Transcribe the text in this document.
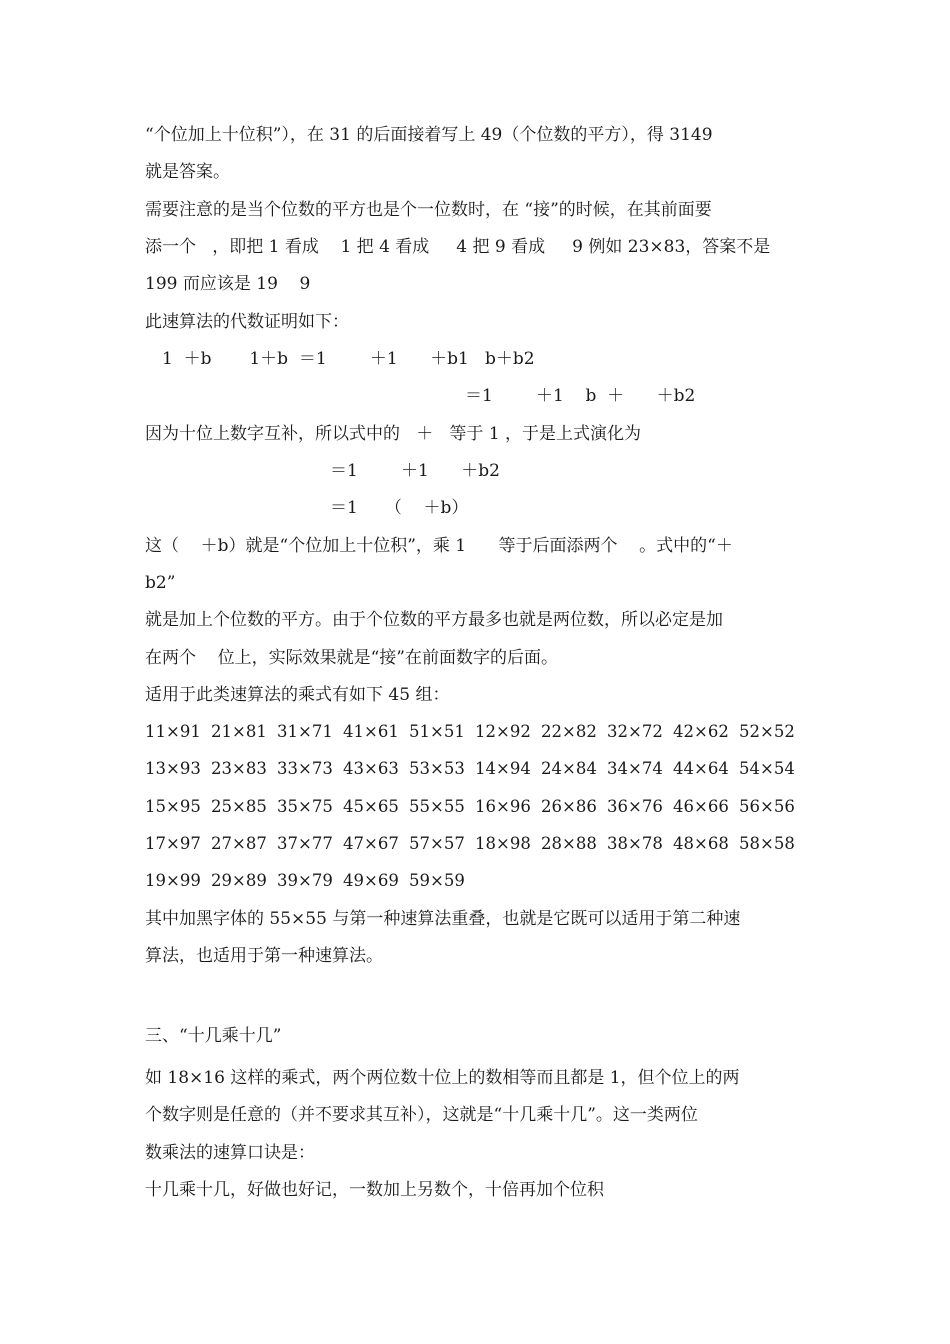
“个位加上十位积”），在 31 的后面接着写上 49（个位数的平方），得 3149

就是答案。

需要注意的是当个位数的平方也是个一位数时，在 “接”的时候，在其前面要

添一个   ，即把 1 看成    1 把 4 看成     4 把 9 看成     9 例如 23×83，答案不是

199 而应该是 19    9

此速算法的代数证明如下：

1  ＋b       1＋b  ＝1        ＋1      ＋b1   b＋b2

＝1        ＋1    b  ＋      ＋b2

因为十位上数字互补，所以式中的   ＋   等于 1 ，于是上式演化为

＝1        ＋1      ＋b2

＝1     （    ＋b）

这（    ＋b）就是“个位加上十位积”，乘 1      等于后面添两个    。式中的“＋

b2”

就是加上个位数的平方。由于个位数的平方最多也就是两位数，所以必定是加

在两个    位上，实际效果就是“接”在前面数字的后面。

适用于此类速算法的乘式有如下 45 组：

11×91 21×81 31×71 41×61 51×51 12×92 22×82 32×72 42×62 52×52
13×93 23×83 33×73 43×63 53×53 14×94 24×84 34×74 44×64 54×54
15×95 25×85 35×75 45×65 55×55 16×96 26×86 36×76 46×66 56×56
17×97 27×87 37×77 47×67 57×57 18×98 28×88 38×78 48×68 58×58
19×99 29×89 39×79 49×69 59×59

其中加黑字体的 55×55 与第一种速算法重叠，也就是它既可以适用于第二种速

算法，也适用于第一种速算法。

三、“十几乘十几”

如 18×16 这样的乘式，两个两位数十位上的数相等而且都是 1，但个位上的两

个数字则是任意的（并不要求其互补），这就是“十几乘十几”。这一类两位

数乘法的速算口诀是：

十几乘十几，好做也好记，一数加上另数个，十倍再加个位积
